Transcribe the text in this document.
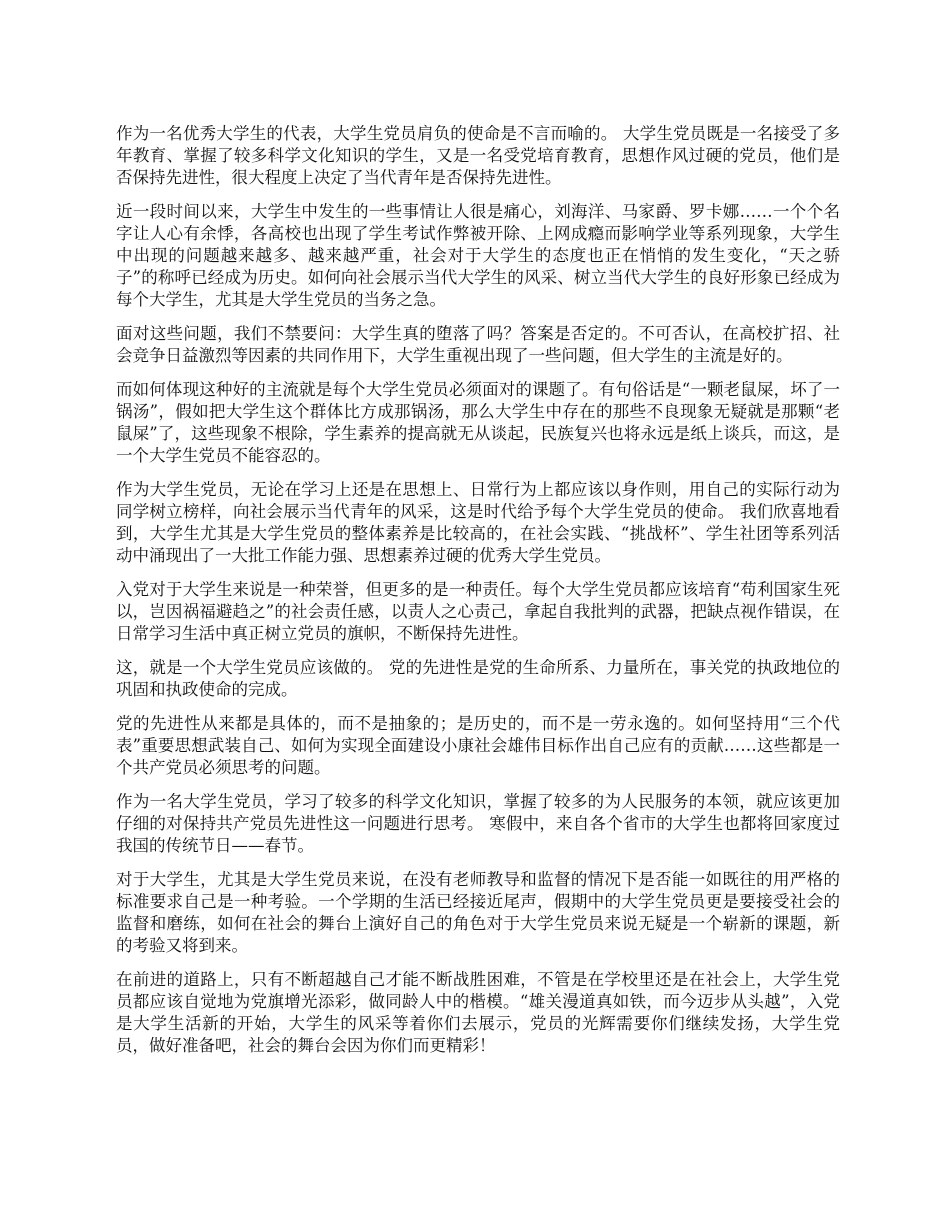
作为一名优秀大学生的代表，大学生党员肩负的使命是不言而喻的。 大学生党员既是一名接受了多年教育、掌握了较多科学文化知识的学生，又是一名受党培育教育，思想作风过硬的党员，他们是否保持先进性，很大程度上决定了当代青年是否保持先进性。

近一段时间以来，大学生中发生的一些事情让人很是痛心，刘海洋、马家爵、罗卡娜……一个个名字让人心有余悸，各高校也出现了学生考试作弊被开除、上网成瘾而影响学业等系列现象，大学生中出现的问题越来越多、越来越严重，社会对于大学生的态度也正在悄悄的发生变化，“天之骄子”的称呼已经成为历史。如何向社会展示当代大学生的风采、树立当代大学生的良好形象已经成为每个大学生，尤其是大学生党员的当务之急。

面对这些问题，我们不禁要问：大学生真的堕落了吗？答案是否定的。不可否认，在高校扩招、社会竞争日益激烈等因素的共同作用下，大学生重视出现了一些问题，但大学生的主流是好的。

而如何体现这种好的主流就是每个大学生党员必须面对的课题了。有句俗话是“一颗老鼠屎，坏了一锅汤”，假如把大学生这个群体比方成那锅汤，那么大学生中存在的那些不良现象无疑就是那颗“老鼠屎”了，这些现象不根除，学生素养的提高就无从谈起，民族复兴也将永远是纸上谈兵，而这，是一个大学生党员不能容忍的。

作为大学生党员，无论在学习上还是在思想上、日常行为上都应该以身作则，用自己的实际行动为同学树立榜样，向社会展示当代青年的风采，这是时代给予每个大学生党员的使命。 我们欣喜地看到，大学生尤其是大学生党员的整体素养是比较高的，在社会实践、“挑战杯”、学生社团等系列活动中涌现出了一大批工作能力强、思想素养过硬的优秀大学生党员。

入党对于大学生来说是一种荣誉，但更多的是一种责任。每个大学生党员都应该培育“苟利国家生死以，岂因祸福避趋之”的社会责任感，以责人之心责己，拿起自我批判的武器，把缺点视作错误，在日常学习生活中真正树立党员的旗帜，不断保持先进性。

这，就是一个大学生党员应该做的。 党的先进性是党的生命所系、力量所在，事关党的执政地位的巩固和执政使命的完成。

党的先进性从来都是具体的，而不是抽象的；是历史的，而不是一劳永逸的。如何坚持用“三个代表”重要思想武装自己、如何为实现全面建设小康社会雄伟目标作出自己应有的贡献……这些都是一个共产党员必须思考的问题。

作为一名大学生党员，学习了较多的科学文化知识，掌握了较多的为人民服务的本领，就应该更加仔细的对保持共产党员先进性这一问题进行思考。 寒假中，来自各个省市的大学生也都将回家度过我国的传统节日——春节。

对于大学生，尤其是大学生党员来说，在没有老师教导和监督的情况下是否能一如既往的用严格的标准要求自己是一种考验。一个学期的生活已经接近尾声，假期中的大学生党员更是要接受社会的监督和磨练，如何在社会的舞台上演好自己的角色对于大学生党员来说无疑是一个崭新的课题，新的考验又将到来。

在前进的道路上，只有不断超越自己才能不断战胜困难，不管是在学校里还是在社会上，大学生党员都应该自觉地为党旗增光添彩，做同龄人中的楷模。“雄关漫道真如铁，而今迈步从头越”，入党是大学生活新的开始，大学生的风采等着你们去展示，党员的光辉需要你们继续发扬，大学生党员，做好准备吧，社会的舞台会因为你们而更精彩！
